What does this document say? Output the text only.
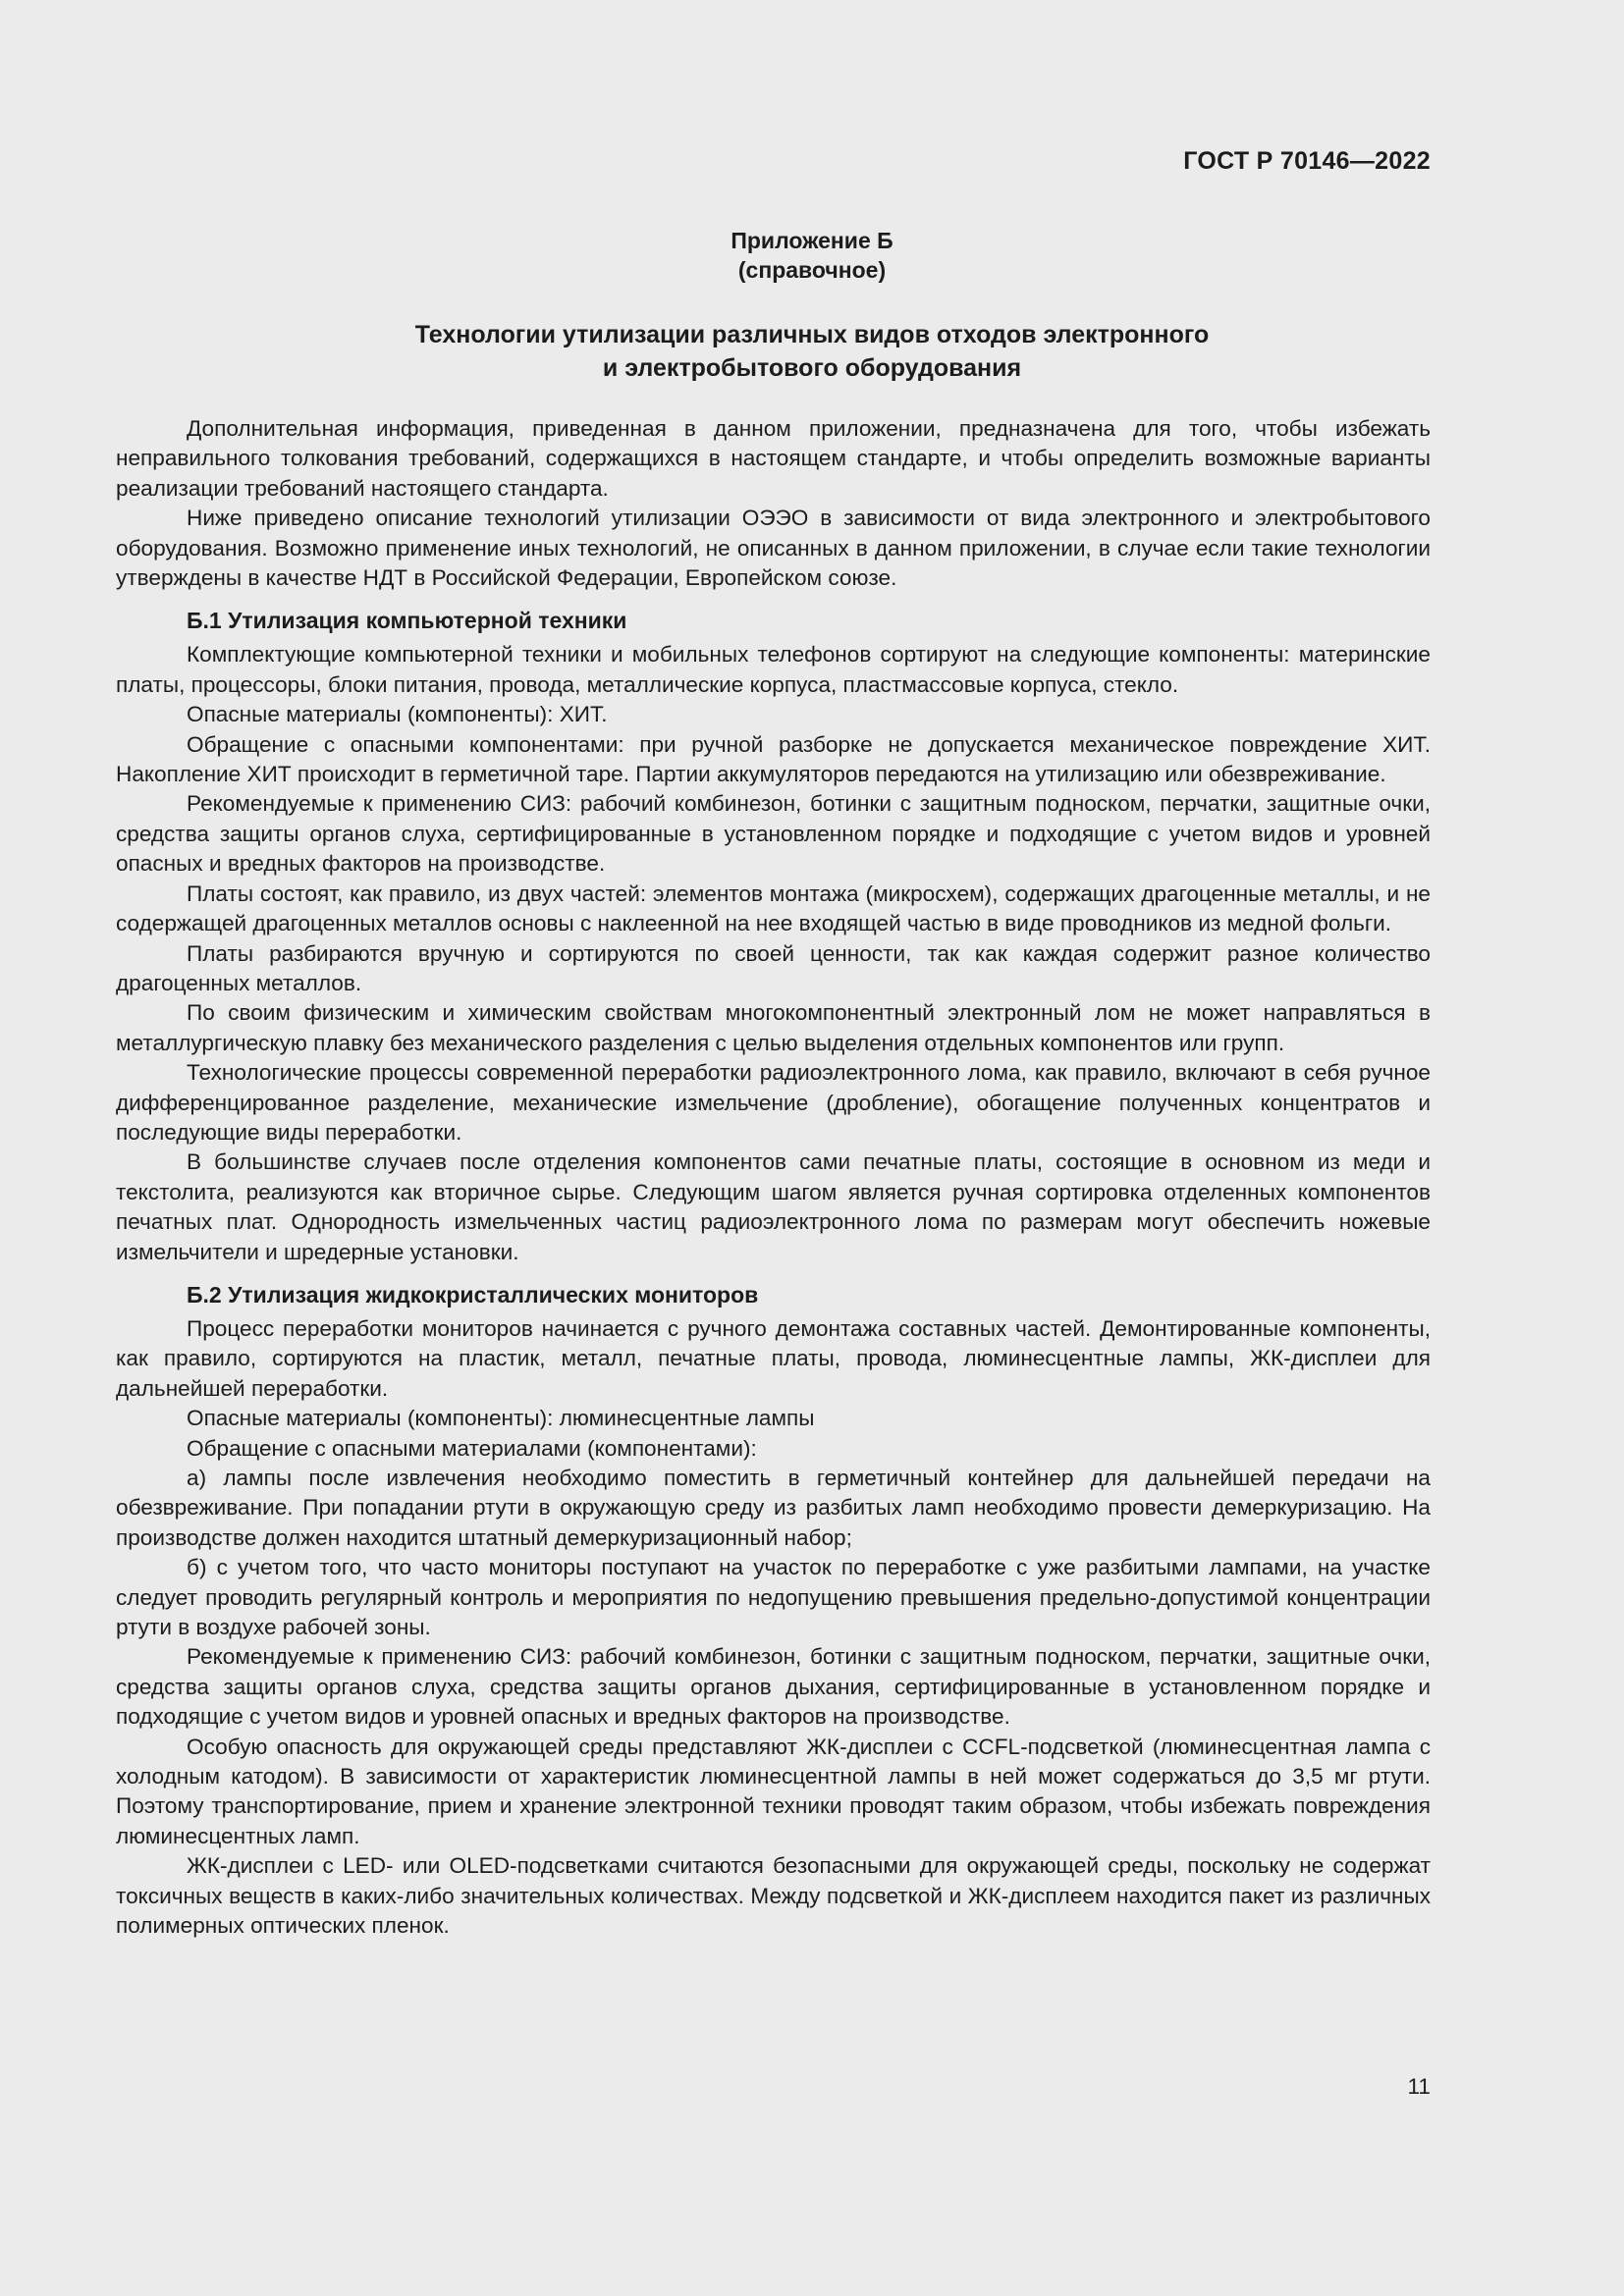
ГОСТ Р 70146—2022
Приложение Б
(справочное)
Технологии утилизации различных видов отходов электронного
и электробытового оборудования

Дополнительная информация, приведенная в данном приложении, предназначена для того, чтобы избежать неправильного толкования требований, содержащихся в настоящем стандарте, и чтобы определить возможные варианты реализации требований настоящего стандарта.

Ниже приведено описание технологий утилизации ОЭЭО в зависимости от вида электронного и электробытового оборудования. Возможно применение иных технологий, не описанных в данном приложении, в случае если такие технологии утверждены в качестве НДТ в Российской Федерации, Европейском союзе.

Б.1 Утилизация компьютерной техники

Комплектующие компьютерной техники и мобильных телефонов сортируют на следующие компоненты: материнские платы, процессоры, блоки питания, провода, металлические корпуса, пластмассовые корпуса, стекло.

Опасные материалы (компоненты): ХИТ.

Обращение с опасными компонентами: при ручной разборке не допускается механическое повреждение ХИТ. Накопление ХИТ происходит в герметичной таре. Партии аккумуляторов передаются на утилизацию или обезвреживание.

Рекомендуемые к применению СИЗ: рабочий комбинезон, ботинки с защитным подноском, перчатки, защитные очки, средства защиты органов слуха, сертифицированные в установленном порядке и подходящие с учетом видов и уровней опасных и вредных факторов на производстве.

Платы состоят, как правило, из двух частей: элементов монтажа (микросхем), содержащих драгоценные металлы, и не содержащей драгоценных металлов основы с наклеенной на нее входящей частью в виде проводников из медной фольги.

Платы разбираются вручную и сортируются по своей ценности, так как каждая содержит разное количество драгоценных металлов.

По своим физическим и химическим свойствам многокомпонентный электронный лом не может направляться в металлургическую плавку без механического разделения с целью выделения отдельных компонентов или групп.

Технологические процессы современной переработки радиоэлектронного лома, как правило, включают в себя ручное дифференцированное разделение, механические измельчение (дробление), обогащение полученных концентратов и последующие виды переработки.

В большинстве случаев после отделения компонентов сами печатные платы, состоящие в основном из меди и текстолита, реализуются как вторичное сырье. Следующим шагом является ручная сортировка отделенных компонентов печатных плат. Однородность измельченных частиц радиоэлектронного лома по размерам могут обеспечить ножевые измельчители и шредерные установки.

Б.2 Утилизация жидкокристаллических мониторов

Процесс переработки мониторов начинается с ручного демонтажа составных частей. Демонтированные компоненты, как правило, сортируются на пластик, металл, печатные платы, провода, люминесцентные лампы, ЖК-дисплеи для дальнейшей переработки.

Опасные материалы (компоненты): люминесцентные лампы

Обращение с опасными материалами (компонентами):

а) лампы после извлечения необходимо поместить в герметичный контейнер для дальнейшей передачи на обезвреживание. При попадании ртути в окружающую среду из разбитых ламп необходимо провести демеркуризацию. На производстве должен находится штатный демеркуризационный набор;

б) с учетом того, что часто мониторы поступают на участок по переработке с уже разбитыми лампами, на участке следует проводить регулярный контроль и мероприятия по недопущению превышения предельно-допустимой концентрации ртути в воздухе рабочей зоны.

Рекомендуемые к применению СИЗ: рабочий комбинезон, ботинки с защитным подноском, перчатки, защитные очки, средства защиты органов слуха, средства защиты органов дыхания, сертифицированные в установленном порядке и подходящие с учетом видов и уровней опасных и вредных факторов на производстве.

Особую опасность для окружающей среды представляют ЖК-дисплеи с CCFL-подсветкой (люминесцентная лампа с холодным катодом). В зависимости от характеристик люминесцентной лампы в ней может содержаться до 3,5 мг ртути. Поэтому транспортирование, прием и хранение электронной техники проводят таким образом, чтобы избежать повреждения люминесцентных ламп.

ЖК-дисплеи с LED- или OLED-подсветками считаются безопасными для окружающей среды, поскольку не содержат токсичных веществ в каких-либо значительных количествах. Между подсветкой и ЖК-дисплеем находится пакет из различных полимерных оптических пленок.

11
